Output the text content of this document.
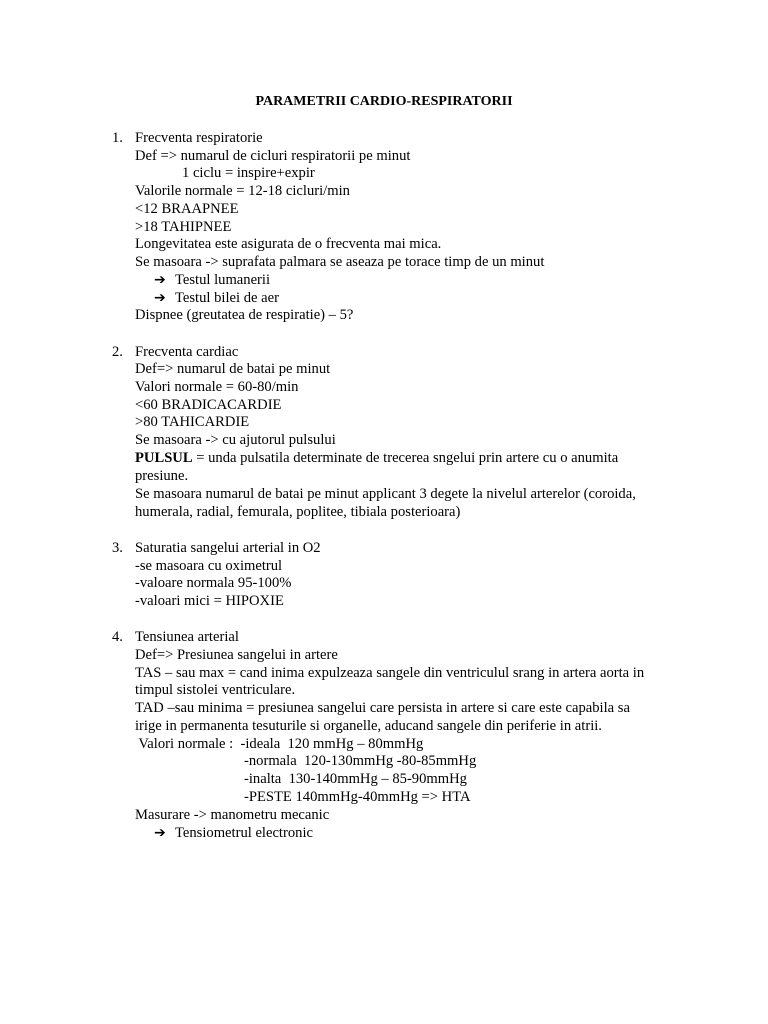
PARAMETRII CARDIO-RESPIRATORII
1. Frecventa respiratorie
Def => numarul de cicluri respiratorii pe minut
1 ciclu = inspire+expir
Valorile normale = 12-18 cicluri/min
<12 BRAAPNEE
>18 TAHIPNEE
Longevitatea este asigurata de o frecventa mai mica.
Se masoara -> suprafata palmara se aseaza pe torace timp de un minut
➔ Testul lumanerii
➔ Testul bilei de aer
Dispnee (greutatea de respiratie) – 5?
2. Frecventa cardiac
Def=> numarul de batai pe minut
Valori normale = 60-80/min
<60 BRADICACARDIE
>80 TAHICARDIE
Se masoara -> cu ajutorul pulsului
PULSUL = unda pulsatila determinate de trecerea sngelui prin artere cu o anumita
presiune.
Se masoara numarul de batai pe minut applicant 3 degete la nivelul arterelor (coroida,
humerala, radial, femurala, poplitee, tibiala posterioara)
3. Saturatia sangelui arterial in O2
-se masoara cu oximetrul
-valoare normala 95-100%
-valoari mici = HIPOXIE
4. Tensiunea arterial
Def=> Presiunea sangelui in artere
TAS – sau max = cand inima expulzeaza sangele din ventriculul srang in artera aorta in
timpul sistolei ventriculare.
TAD –sau minima = presiunea sangelui care persista in artere si care este capabila sa
irige in permanenta tesuturile si organelle, aducand sangele din periferie in atrii.
Valori normale :  -ideala  120 mmHg – 80mmHg
-normala  120-130mmHg -80-85mmHg
-inalta  130-140mmHg – 85-90mmHg
-PESTE 140mmHg-40mmHg => HTA
Masurare -> manometru mecanic
➔ Tensiometrul electronic
